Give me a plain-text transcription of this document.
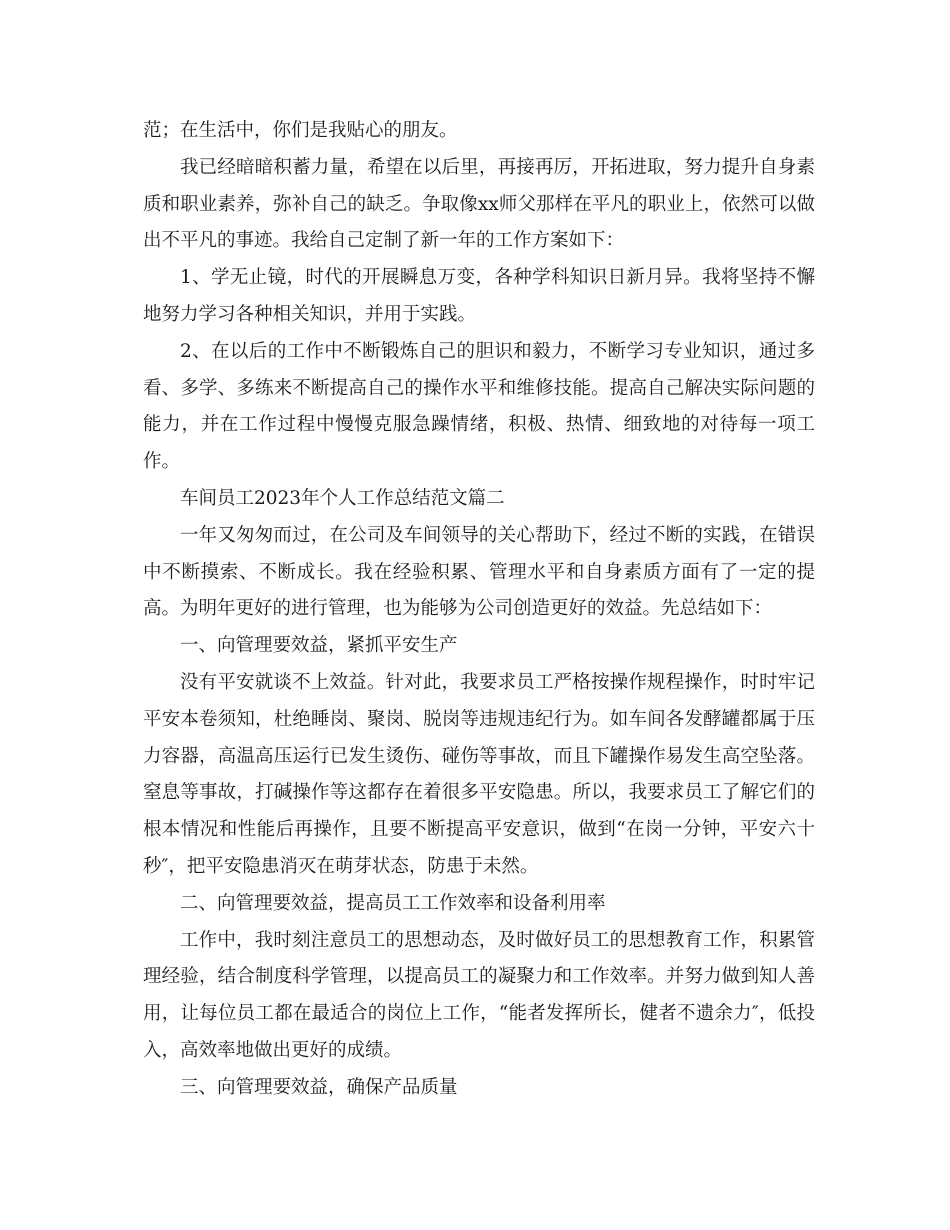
范；在生活中，你们是我贴心的朋友。

我已经暗暗积蓄力量，希望在以后里，再接再厉，开拓进取，努力提升自身素质和职业素养，弥补自己的缺乏。争取像xx师父那样在平凡的职业上，依然可以做出不平凡的事迹。我给自己定制了新一年的工作方案如下：

1、学无止镜，时代的开展瞬息万变，各种学科知识日新月异。我将坚持不懈地努力学习各种相关知识，并用于实践。

2、在以后的工作中不断锻炼自己的胆识和毅力，不断学习专业知识，通过多看、多学、多练来不断提高自己的操作水平和维修技能。提高自己解决实际问题的能力，并在工作过程中慢慢克服急躁情绪，积极、热情、细致地的对待每一项工作。

车间员工2023年个人工作总结范文篇二

一年又匆匆而过，在公司及车间领导的关心帮助下，经过不断的实践，在错误中不断摸索、不断成长。我在经验积累、管理水平和自身素质方面有了一定的提高。为明年更好的进行管理，也为能够为公司创造更好的效益。先总结如下：

一、向管理要效益，紧抓平安生产

没有平安就谈不上效益。针对此，我要求员工严格按操作规程操作，时时牢记平安本卷须知，杜绝睡岗、聚岗、脱岗等违规违纪行为。如车间各发酵罐都属于压力容器，高温高压运行已发生烫伤、碰伤等事故，而且下罐操作易发生高空坠落。窒息等事故，打碱操作等这都存在着很多平安隐患。所以，我要求员工了解它们的根本情况和性能后再操作，且要不断提高平安意识，做到“在岗一分钟，平安六十秒″，把平安隐患消灭在萌芽状态，防患于未然。

二、向管理要效益，提高员工工作效率和设备利用率

工作中，我时刻注意员工的思想动态，及时做好员工的思想教育工作，积累管理经验，结合制度科学管理，以提高员工的凝聚力和工作效率。并努力做到知人善用，让每位员工都在最适合的岗位上工作，“能者发挥所长，健者不遗余力″，低投入，高效率地做出更好的成绩。

三、向管理要效益，确保产品质量
